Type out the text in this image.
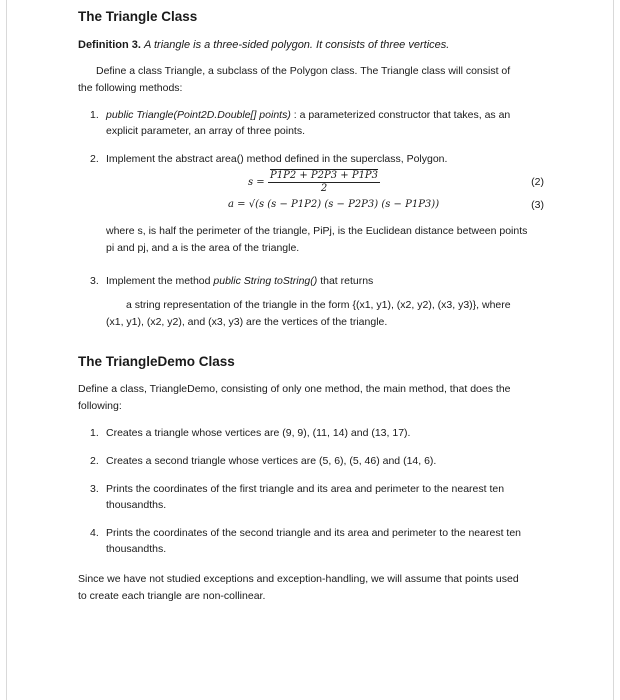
The Triangle Class
Definition 3. A triangle is a three-sided polygon. It consists of three vertices.

Define a class Triangle, a subclass of the Polygon class. The Triangle class will consist of

the following methods:

1. public Triangle(Point2D.Double[] points) : a parameterized constructor that takes, as an
explicit parameter, an array of three points.
2. Implement the abstract area() method defined in the superclass, Polygon.
$s = \frac{P1P2 + P2P3 + P1P3}{2}$	(2)
a = √(s (s − P1P2) (s − P2P3) (s − P1P3))	(3)
where s, is half the perimeter of the triangle, PiPj, is the Euclidean distance between points
pi and pj, and a is the area of the triangle.
3. Implement the method public String toString() that returns
a string representation of the triangle in the form {(x1, y1), (x2, y2), (x3, y3)}, where
(x1, y1), (x2, y2), and (x3, y3) are the vertices of the triangle.
The TriangleDemo Class

Define a class, TriangleDemo, consisting of only one method, the main method, that does the

following:

1. Creates a triangle whose vertices are (9, 9), (11, 14) and (13, 17).
2. Creates a second triangle whose vertices are (5, 6), (5, 46) and (14, 6).
3. Prints the coordinates of the first triangle and its area and perimeter to the nearest ten
thousandths.
4. Prints the coordinates of the second triangle and its area and perimeter to the nearest ten
thousandths.

Since we have not studied exceptions and exception-handling, we will assume that points used

to create each triangle are non-collinear.
